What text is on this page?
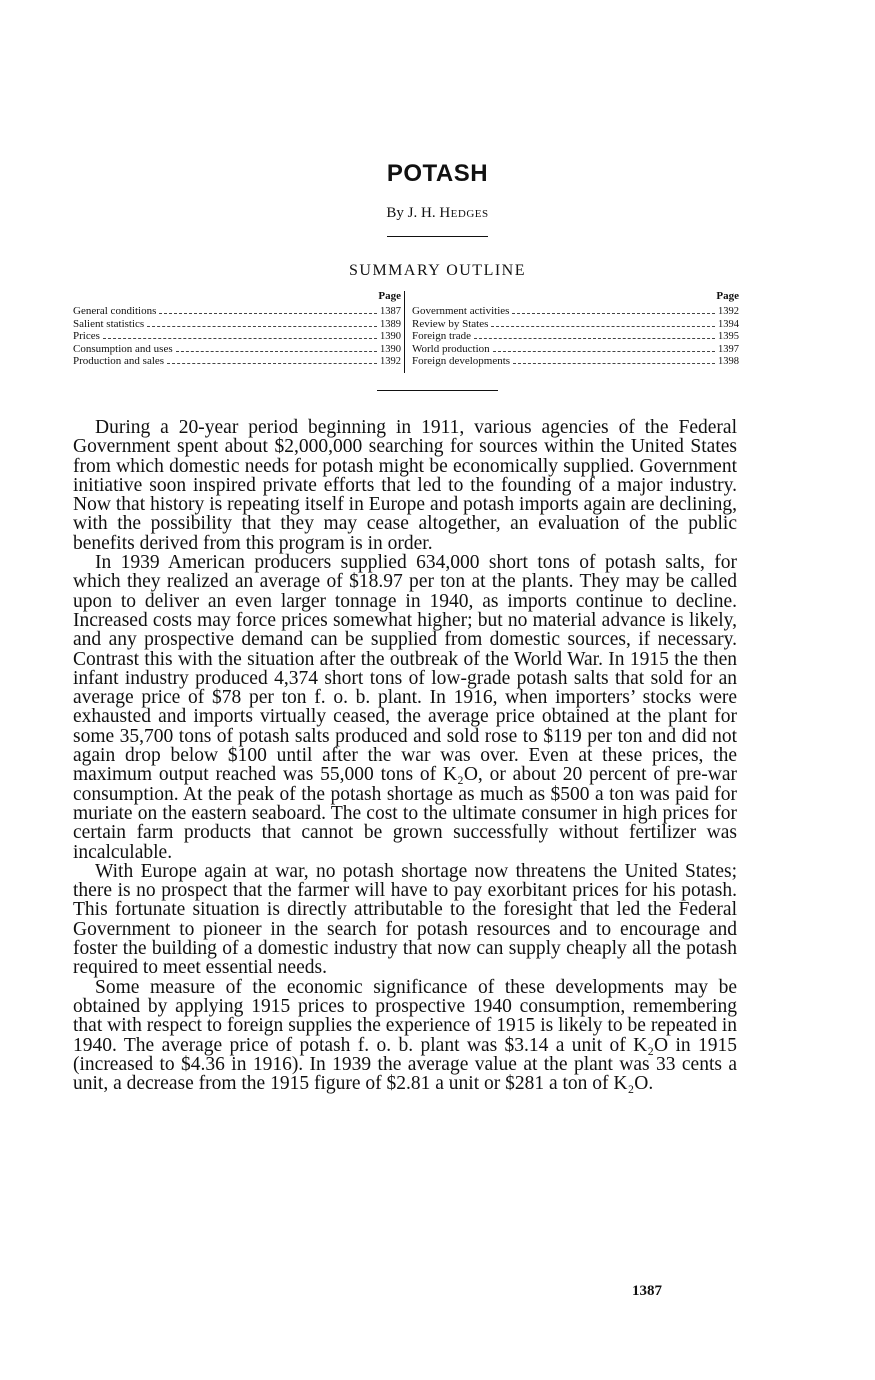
POTASH
By J. H. Hedges
SUMMARY OUTLINE
Page
General conditions	1387
Salient statistics	1389
Prices	1390
Consumption and uses	1390
Production and sales	1392
Page
Government activities	1392
Review by States	1394
Foreign trade	1395
World production	1397
Foreign developments	1398

During a 20-year period beginning in 1911, various agencies of the Federal Government spent about $2,000,000 searching for sources within the United States from which domestic needs for potash might be economically supplied. Government initiative soon inspired private efforts that led to the founding of a major industry. Now that history is repeating itself in Europe and potash imports again are declining, with the possibility that they may cease altogether, an evaluation of the public benefits derived from this program is in order.

In 1939 American producers supplied 634,000 short tons of potash salts, for which they realized an average of $18.97 per ton at the plants. They may be called upon to deliver an even larger tonnage in 1940, as imports continue to decline. Increased costs may force prices somewhat higher; but no material advance is likely, and any prospective demand can be supplied from domestic sources, if necessary. Contrast this with the situation after the outbreak of the World War. In 1915 the then infant industry produced 4,374 short tons of low-grade potash salts that sold for an average price of $78 per ton f. o. b. plant. In 1916, when importers’ stocks were exhausted and imports virtually ceased, the average price obtained at the plant for some 35,700 tons of potash salts produced and sold rose to $119 per ton and did not again drop below $100 until after the war was over. Even at these prices, the maximum output reached was 55,000 tons of K₂O, or about 20 percent of pre-war consumption. At the peak of the potash shortage as much as $500 a ton was paid for muriate on the eastern seaboard. The cost to the ultimate consumer in high prices for certain farm products that cannot be grown successfully without fertilizer was incalculable.

With Europe again at war, no potash shortage now threatens the United States; there is no prospect that the farmer will have to pay exorbitant prices for his potash. This fortunate situation is directly attributable to the foresight that led the Federal Government to pioneer in the search for potash resources and to encourage and foster the building of a domestic industry that now can supply cheaply all the potash required to meet essential needs.

Some measure of the economic significance of these developments may be obtained by applying 1915 prices to prospective 1940 consumption, remembering that with respect to foreign supplies the experience of 1915 is likely to be repeated in 1940. The average price of potash f. o. b. plant was $3.14 a unit of K₂O in 1915 (increased to $4.36 in 1916). In 1939 the average value at the plant was 33 cents a unit, a decrease from the 1915 figure of $2.81 a unit or $281 a ton of K₂O.

1387
